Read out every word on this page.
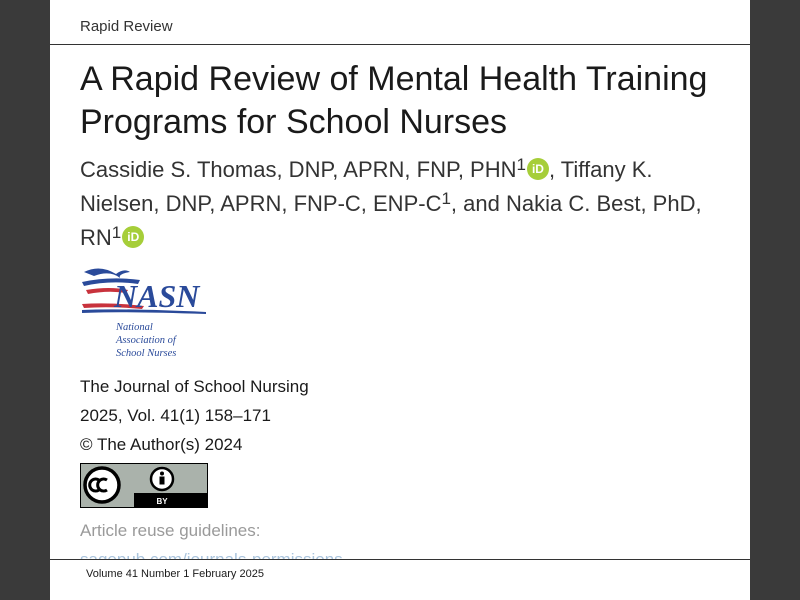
Rapid Review
A Rapid Review of Mental Health Training Programs for School Nurses
Cassidie S. Thomas, DNP, APRN, FNP, PHN$^1$ iD , Tiffany K. Nielsen, DNP, APRN, FNP-C, ENP-$C^1$, and Nakia C. Best, PhD, $RN^1$ iD
NASN
National
Association of
School Nurses
The Journal of School Nursing
2025, Vol. 41(1) 158–171
© The Author(s) 2024
BY
Article reuse guidelines:
Volume 41 Number 1 February 2025
